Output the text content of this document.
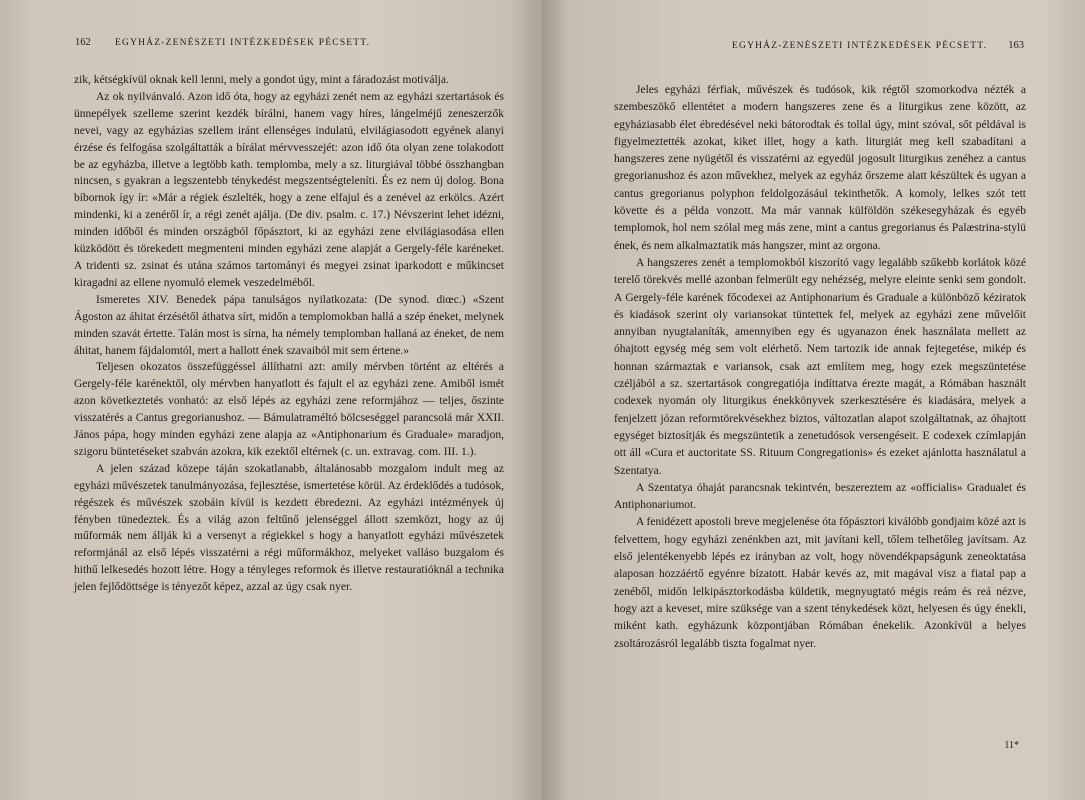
162	EGYHÁZ-ZENÉSZETI INTÉZKEDÉSEK PÉCSETT.

zik, kétségkívül oknak kell lenni, mely a gondot úgy, mint a fáradozást motiválja.

Az ok nyilvánvaló. Azon idő óta, hogy az egyházi zenét nem az egyházi szertartások és ünnepélyek szelleme szerint kezdék bírálni, hanem vagy híres, lángelméjű zeneszerzők nevei, vagy az egyházias szellem iránt ellenséges indulatú, elvilágiasodott egyének alanyi érzése és felfogása szolgáltatták a bírálat mérvvesszejét: azon idő óta olyan zene tolakodott be az egyházba, illetve a legtöbb kath. templomba, mely a sz. liturgiával többé összhangban nincsen, s gyakran a legszentebb ténykedést megszentségteleníti. És ez nem új dolog. Bona bíbornok így ír: «Már a régiek észlelték, hogy a zene elfajul és a zenével az erkölcs. Azért mindenki, ki a zenéről ír, a régi zenét ajálja. (De div. psalm. c. 17.) Névszerint lehet idézni, minden időből és minden országból főpásztort, ki az egyházi zene elvilágiasodása ellen küzködött és törekedett megmenteni minden egyházi zene alapját a Gergely-féle karéneket. A tridenti sz. zsinat és utána számos tartományi és megyei zsinat iparkodott e műkincset kiragadni az ellene nyomuló elemek veszedelméből.

Ismeretes XIV. Benedek pápa tanulságos nyilatkozata: (De synod. diœc.) «Szent Ágoston az áhitat érzésétől áthatva sírt, midőn a templomokban hallá a szép éneket, melynek minden szavát értette. Talán most is sírna, ha némely templomban hallaná az éneket, de nem áhitat, hanem fájdalomtól, mert a hallott ének szavaiból mit sem értene.»

Teljesen okozatos összefüggéssel állíthatni azt: amily mérvben történt az eltérés a Gergely-féle karénektől, oly mérvben hanyatlott és fajult el az egyházi zene. Amiből ismét azon következtetés vonható: az első lépés az egyházi zene reformjához — teljes, őszinte visszatérés a Cantus gregorianushoz. — Bámulatraméltó bölcseséggel parancsolá már XXII. János pápa, hogy minden egyházi zene alapja az «Antiphonarium és Graduale» maradjon, szigoru büntetéseket szabván azokra, kik ezektől eltérnek (c. un. extravag. com. III. 1.).

A jelen század közepe táján szokatlanabb, általánosabb mozgalom indult meg az egyházi művészetek tanulmányozása, fejlesztése, ismertetése körül. Az érdeklődés a tudósok, régészek és művészek szobáin kívül is kezdett ébredezni. Az egyházi intézmények új fényben tünedeztek. És a világ azon feltűnő jelenséggel állott szemközt, hogy az új műformák nem állják ki a versenyt a régiekkel s hogy a hanyatlott egyházi művészetek reformjánál az első lépés visszatérni a régi műformákhoz, melyeket valláso buzgalom és hithű lelkesedés hozott létre. Hogy a tényleges reformok és illetve restauratióknál a technika jelen fejlődöttsége is tényezőt képez, azzal az úgy csak nyer.

EGYHÁZ-ZENÉSZETI INTÉZKEDÉSEK PÉCSETT. 163

Jeles egyházi férfiak, művészek és tudósok, kik régtől szomorkodva nézték a szembeszökő ellentétet a modern hangszeres zene és a liturgikus zene között, az egyháziasabb élet ébredésével neki bátorodtak és tollal úgy, mint szóval, sőt példával is figyelmeztették azokat, kiket illet, hogy a kath. liturgiát meg kell szabadítani a hangszeres zene nyügétől és visszatérni az egyedül jogosult liturgikus zenéhez a cantus gregorianushoz és azon művekhez, melyek az egyház őrszeme alatt készültek és ugyan a cantus gregorianus polyphon feldolgozásául tekinthetők. A komoly, lelkes szót tett követte és a példa vonzott. Ma már vannak külföldön székesegyházak és egyéb templomok, hol nem szólal meg más zene, mint a cantus gregorianus és Palæstrina-stylü ének, és nem alkalmaztatik más hangszer, mint az orgona.

A hangszeres zenét a templomokból kiszorító vagy legalább szűkebb korlátok közé terelő törekvés mellé azonban felmerült egy nehézség, melyre eleinte senki sem gondolt. A Gergely-féle karének főcodexei az Antiphonarium és Graduale a különböző kéziratok és kiadások szerint oly variansokat tüntettek fel, melyek az egyházi zene művelőit annyiban nyugtalaníták, amennyiben egy és ugyanazon ének használata mellett az óhajtott egység még sem volt elérhető. Nem tartozik ide annak fejtegetése, mikép és honnan származtak e variansok, csak azt említem meg, hogy ezek megszüntetése czéljából a sz. szertartások congregatiója indíttatva érezte magát, a Rómában használt codexek nyomán oly liturgikus énekkönyvek szerkesztésére és kiadására, melyek a fenjelzett józan reformtörekvésekhez biztos, változatlan alapot szolgáltatnak, az óhajtott egységet biztosítják és megszüntetik a zenetudósok versengéseit. E codexek czímlapján ott áll «Cura et auctoritate SS. Rituum Congregationis» és ezeket ajánlotta használatul a Szentatya.

A Szentatya óhaját parancsnak tekintvén, beszereztem az «officialis» Gradualet és Antiphonariumot.

A fenidézett apostoli breve megjelenése óta főpásztori kiválóbb gondjaim közé azt is felvettem, hogy egyházi zenénkben azt, mit javítani kell, tőlem telhetőleg javítsam. Az első jelentékenyebb lépés ez irányban az volt, hogy növendékpapságunk zeneoktatása alaposan hozzáértő egyénre bízatott. Habár kevés az, mit magával visz a fiatal pap a zenéből, midőn lelkipásztorkodásba küldetik, megnyugtató mégis reám és reá nézve, hogy azt a keveset, mire szüksége van a szent ténykedések közt, helyesen és úgy énekli, miként kath. egyházunk központjában Rómában énekelik. Azonkívül a helyes zsoltározásról legalább tiszta fogalmat nyer.

11*
